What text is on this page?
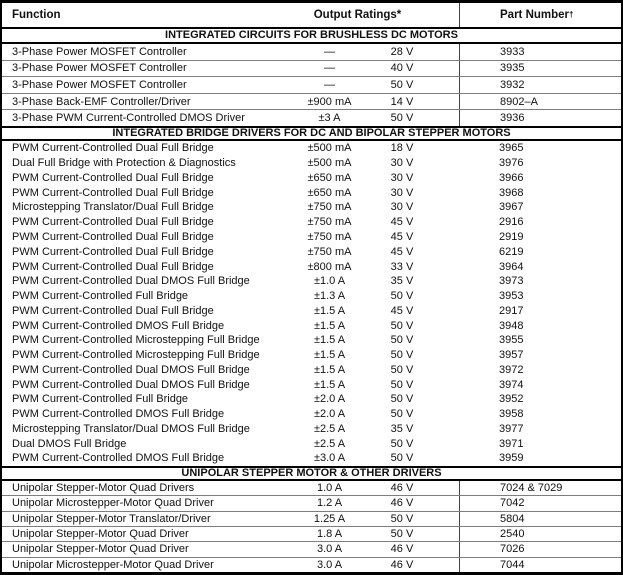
Function	Output Ratings*	Part Number †
INTEGRATED CIRCUITS FOR BRUSHLESS DC MOTORS
3-Phase Power MOSFET Controller	—	28 V	3933
3-Phase Power MOSFET Controller	—	40 V	3935
3-Phase Power MOSFET Controller	—	50 V	3932
3-Phase Back-EMF Controller/Driver	±900 mA	14 V	8902–A
3-Phase PWM Current-Controlled DMOS Driver	±3 A	50 V	3936
INTEGRATED BRIDGE DRIVERS FOR DC AND BIPOLAR STEPPER MOTORS
PWM Current-Controlled Dual Full Bridge	±500 mA	18 V	3965
Dual Full Bridge with Protection & Diagnostics	±500 mA	30 V	3976
PWM Current-Controlled Dual Full Bridge	±650 mA	30 V	3966
PWM Current-Controlled Dual Full Bridge	±650 mA	30 V	3968
Microstepping Translator/Dual Full Bridge	±750 mA	30 V	3967
PWM Current-Controlled Dual Full Bridge	±750 mA	45 V	2916
PWM Current-Controlled Dual Full Bridge	±750 mA	45 V	2919
PWM Current-Controlled Dual Full Bridge	±750 mA	45 V	6219
PWM Current-Controlled Dual Full Bridge	±800 mA	33 V	3964
PWM Current-Controlled Dual DMOS Full Bridge	±1.0 A	35 V	3973
PWM Current-Controlled Full Bridge	±1.3 A	50 V	3953
PWM Current-Controlled Dual Full Bridge	±1.5 A	45 V	2917
PWM Current-Controlled DMOS Full Bridge	±1.5 A	50 V	3948
PWM Current-Controlled Microstepping Full Bridge	±1.5 A	50 V	3955
PWM Current-Controlled Microstepping Full Bridge	±1.5 A	50 V	3957
PWM Current-Controlled Dual DMOS Full Bridge	±1.5 A	50 V	3972
PWM Current-Controlled Dual DMOS Full Bridge	±1.5 A	50 V	3974
PWM Current-Controlled Full Bridge	±2.0 A	50 V	3952
PWM Current-Controlled DMOS Full Bridge	±2.0 A	50 V	3958
Microstepping Translator/Dual DMOS Full Bridge	±2.5 A	35 V	3977
Dual DMOS Full Bridge	±2.5 A	50 V	3971
PWM Current-Controlled DMOS Full Bridge	±3.0 A	50 V	3959
UNIPOLAR STEPPER MOTOR & OTHER DRIVERS
Unipolar Stepper-Motor Quad Drivers	1.0 A	46 V	7024 & 7029
Unipolar Microstepper-Motor Quad Driver	1.2 A	46 V	7042
Unipolar Stepper-Motor Translator/Driver	1.25 A	50 V	5804
Unipolar Stepper-Motor Quad Driver	1.8 A	50 V	2540
Unipolar Stepper-Motor Quad Driver	3.0 A	46 V	7026
Unipolar Microstepper-Motor Quad Driver	3.0 A	46 V	7044
